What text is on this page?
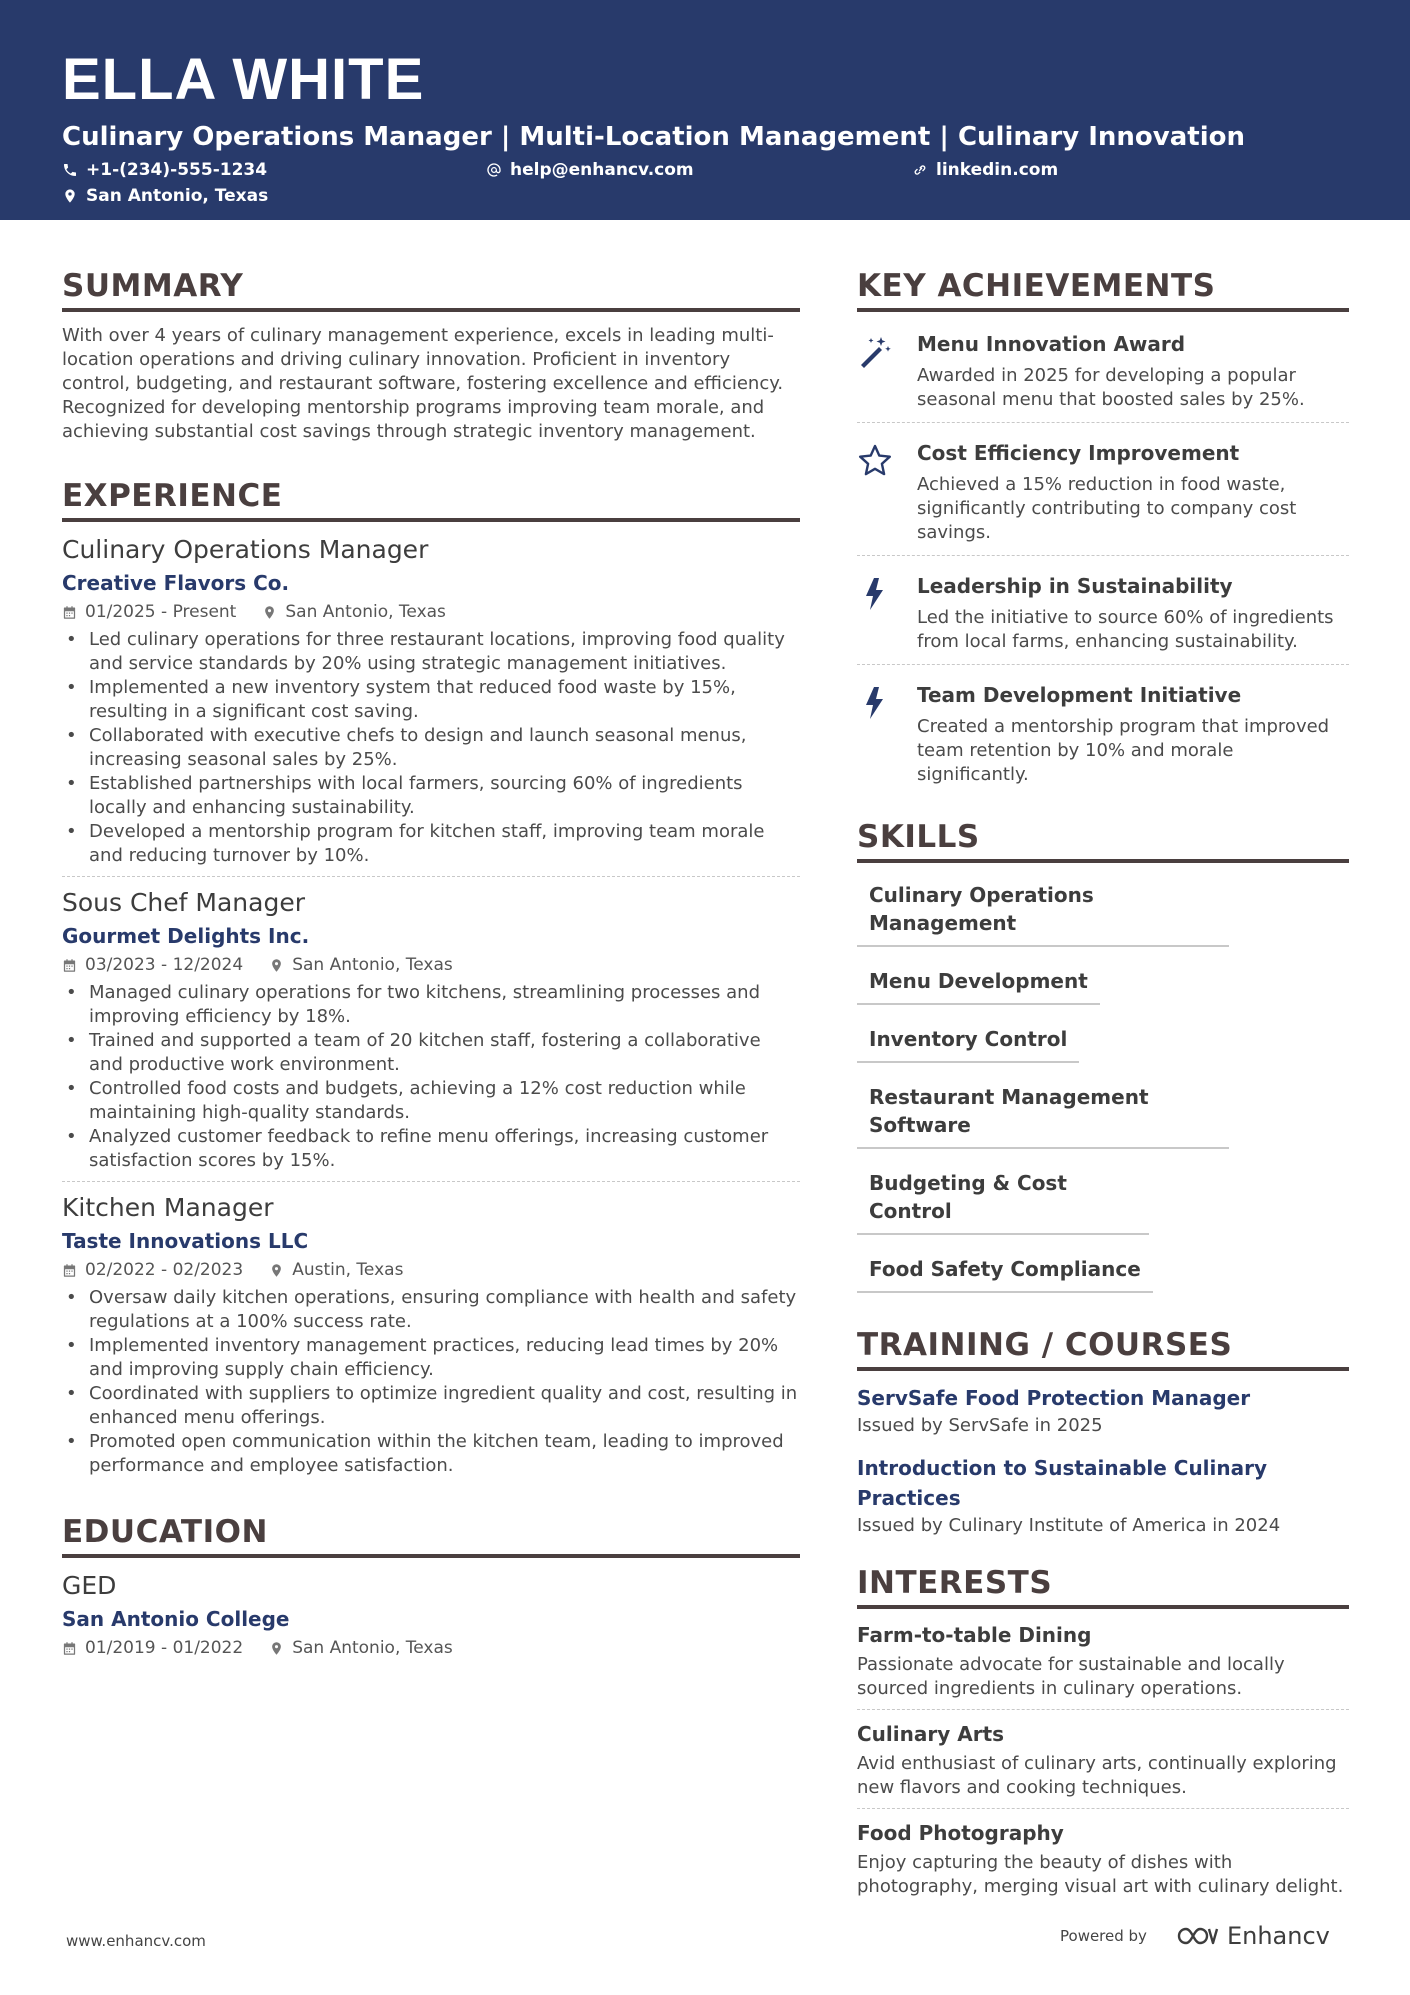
ELLA WHITE
Culinary Operations Manager | Multi-Location Management | Culinary Innovation
+1-(234)-555-1234	help@enhancv.com	linkedin.com
San Antonio, Texas
SUMMARY
With over 4 years of culinary management experience, excels in leading multi-location operations and driving culinary innovation. Proficient in inventory control, budgeting, and restaurant software, fostering excellence and efficiency. Recognized for developing mentorship programs improving team morale, and achieving substantial cost savings through strategic inventory management.
EXPERIENCE
Culinary Operations Manager
Creative Flavors Co.
01/2025 - Present	San Antonio, Texas
• Led culinary operations for three restaurant locations, improving food quality and service standards by 20% using strategic management initiatives.
• Implemented a new inventory system that reduced food waste by 15%, resulting in a significant cost saving.
• Collaborated with executive chefs to design and launch seasonal menus, increasing seasonal sales by 25%.
• Established partnerships with local farmers, sourcing 60% of ingredients locally and enhancing sustainability.
• Developed a mentorship program for kitchen staff, improving team morale and reducing turnover by 10%.
Sous Chef Manager
Gourmet Delights Inc.
03/2023 - 12/2024	San Antonio, Texas
• Managed culinary operations for two kitchens, streamlining processes and improving efficiency by 18%.
• Trained and supported a team of 20 kitchen staff, fostering a collaborative and productive work environment.
• Controlled food costs and budgets, achieving a 12% cost reduction while maintaining high-quality standards.
• Analyzed customer feedback to refine menu offerings, increasing customer satisfaction scores by 15%.
Kitchen Manager
Taste Innovations LLC
02/2022 - 02/2023	Austin, Texas
• Oversaw daily kitchen operations, ensuring compliance with health and safety regulations at a 100% success rate.
• Implemented inventory management practices, reducing lead times by 20% and improving supply chain efficiency.
• Coordinated with suppliers to optimize ingredient quality and cost, resulting in enhanced menu offerings.
• Promoted open communication within the kitchen team, leading to improved performance and employee satisfaction.
EDUCATION
GED
San Antonio College
01/2019 - 01/2022	San Antonio, Texas
KEY ACHIEVEMENTS
Menu Innovation Award
Awarded in 2025 for developing a popular seasonal menu that boosted sales by 25%.
Cost Efficiency Improvement
Achieved a 15% reduction in food waste, significantly contributing to company cost savings.
Leadership in Sustainability
Led the initiative to source 60% of ingredients from local farms, enhancing sustainability.
Team Development Initiative
Created a mentorship program that improved team retention by 10% and morale significantly.
SKILLS
Culinary Operations Management
Menu Development
Inventory Control
Restaurant Management Software
Budgeting & Cost Control
Food Safety Compliance
TRAINING / COURSES
ServSafe Food Protection Manager
Issued by ServSafe in 2025
Introduction to Sustainable Culinary Practices
Issued by Culinary Institute of America in 2024
INTERESTS
Farm-to-table Dining
Passionate advocate for sustainable and locally sourced ingredients in culinary operations.
Culinary Arts
Avid enthusiast of culinary arts, continually exploring new flavors and cooking techniques.
Food Photography
Enjoy capturing the beauty of dishes with photography, merging visual art with culinary delight.
www.enhancv.com	Powered by	Enhancv
